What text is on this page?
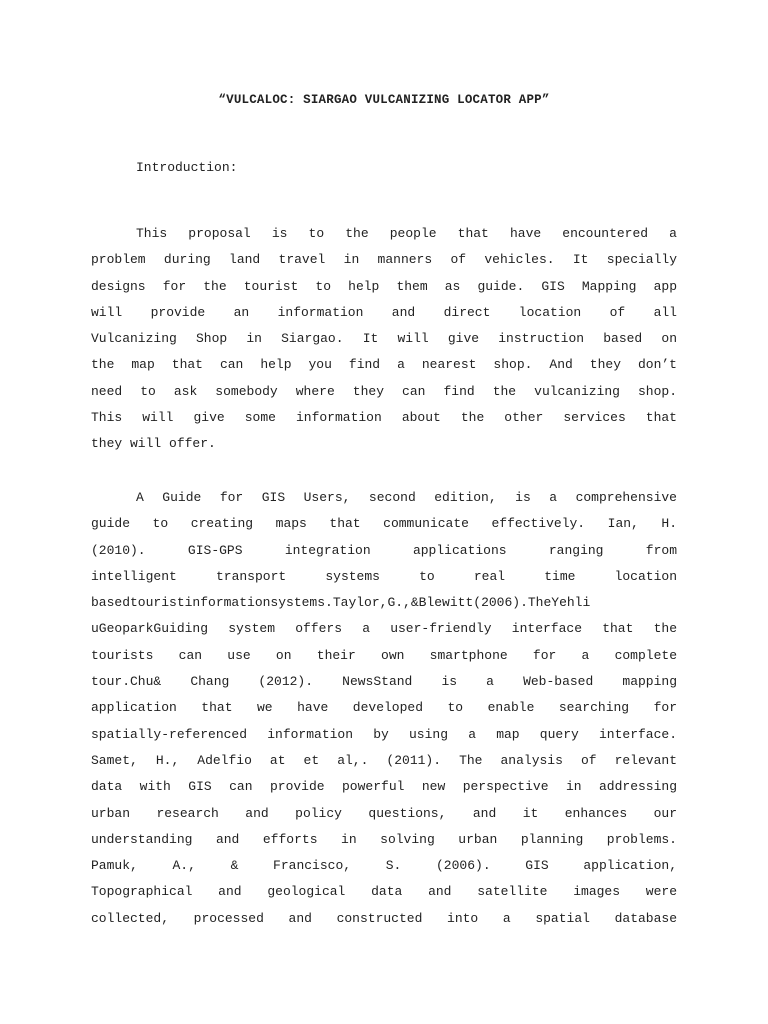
“VULCALOC: SIARGAO VULCANIZING LOCATOR APP”
Introduction:
This proposal is to the people that have encountered a
problem during land travel in manners of vehicles. It specially
designs for the tourist to help them as guide. GIS Mapping app
will provide an information and direct location of all
Vulcanizing Shop in Siargao. It will give instruction based on
the map that can help you find a nearest shop. And they don’t
need to ask somebody where they can find the vulcanizing shop.
This will give some information about the other services that
they will offer.
A Guide for GIS Users, second edition, is a comprehensive
guide to creating maps that communicate effectively. Ian, H.
(2010). GIS-GPS integration applications ranging from
intelligent transport systems to real time location
basedtouristinformationsystems.Taylor,G.,&Blewitt(2006).TheYehli
uGeoparkGuiding system offers a user-friendly interface that the
tourists can use on their own smartphone for a complete
tour.Chu& Chang (2012). NewsStand is a Web-based mapping
application that we have developed to enable searching for
spatially-referenced information by using a map query interface.
Samet, H., Adelfio at et al,. (2011). The analysis of relevant
data with GIS can provide powerful new perspective in addressing
urban research and policy questions, and it enhances our
understanding and efforts in solving urban planning problems.
Pamuk, A., & Francisco, S. (2006). GIS application,
Topographical and geological data and satellite images were
collected, processed and constructed into a spatial database
